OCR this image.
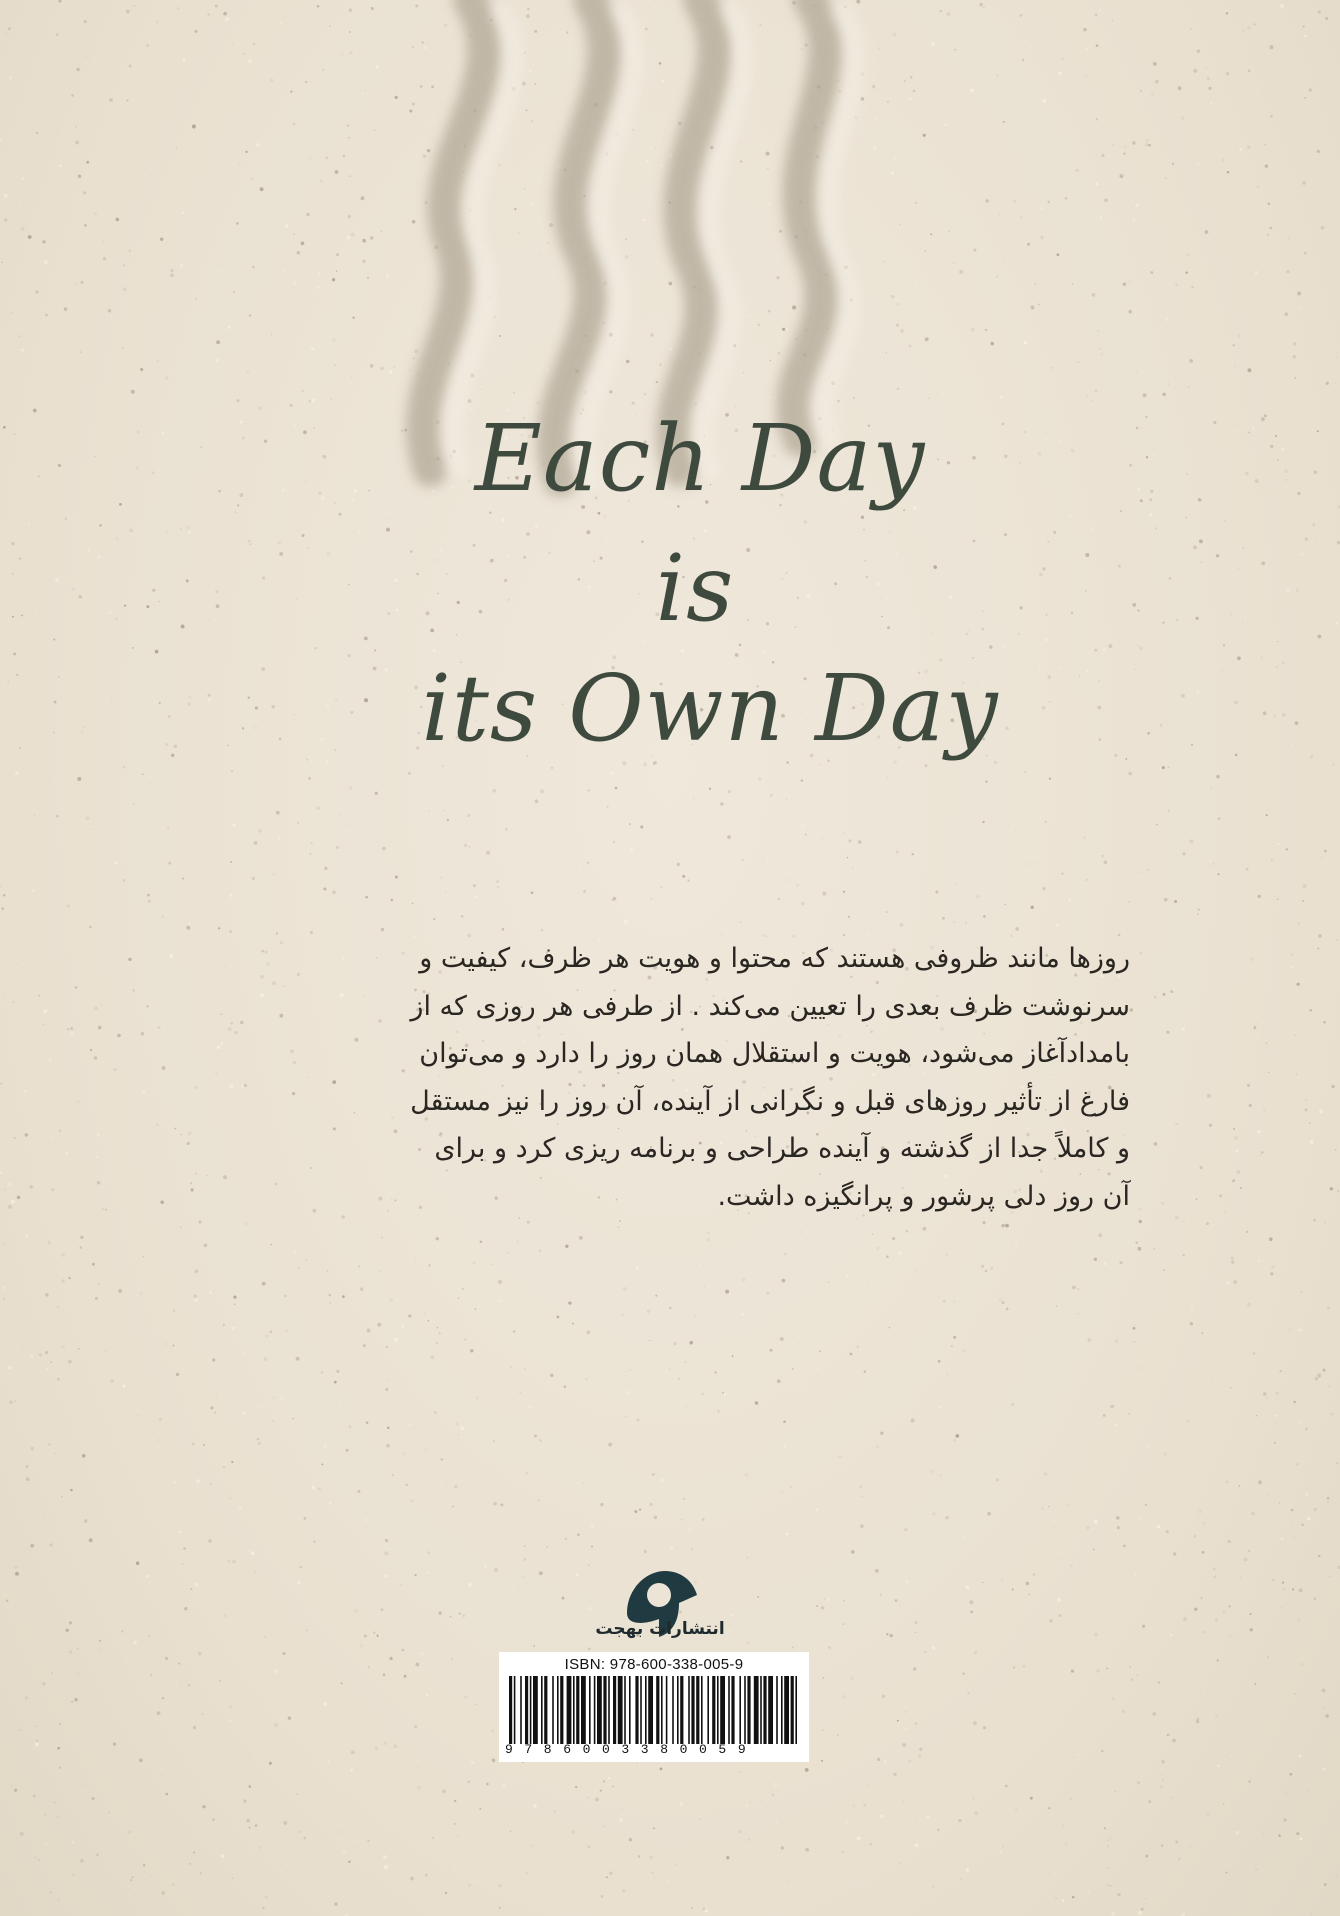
Each Day
is
its Own Day
روزها مانند ظروفی هستند که محتوا و هویت هر ظرف، کیفیت و
سرنوشت ظرف بعدی را تعیین می‌کند . از طرفی هر روزی که از
بامدادآغاز می‌شود، هویت و استقلال همان روز را دارد و می‌توان
فارغ از تأثیر روزهای قبل و نگرانی از آینده، آن روز را نیز مستقل
و کاملاً جدا از گذشته و آینده طراحی و برنامه ریزی کرد و برای
آن روز دلی پرشور و پرانگیزه داشت.
انتشارات بهجت
ISBN: 978-600-338-005-9
9786003380059
